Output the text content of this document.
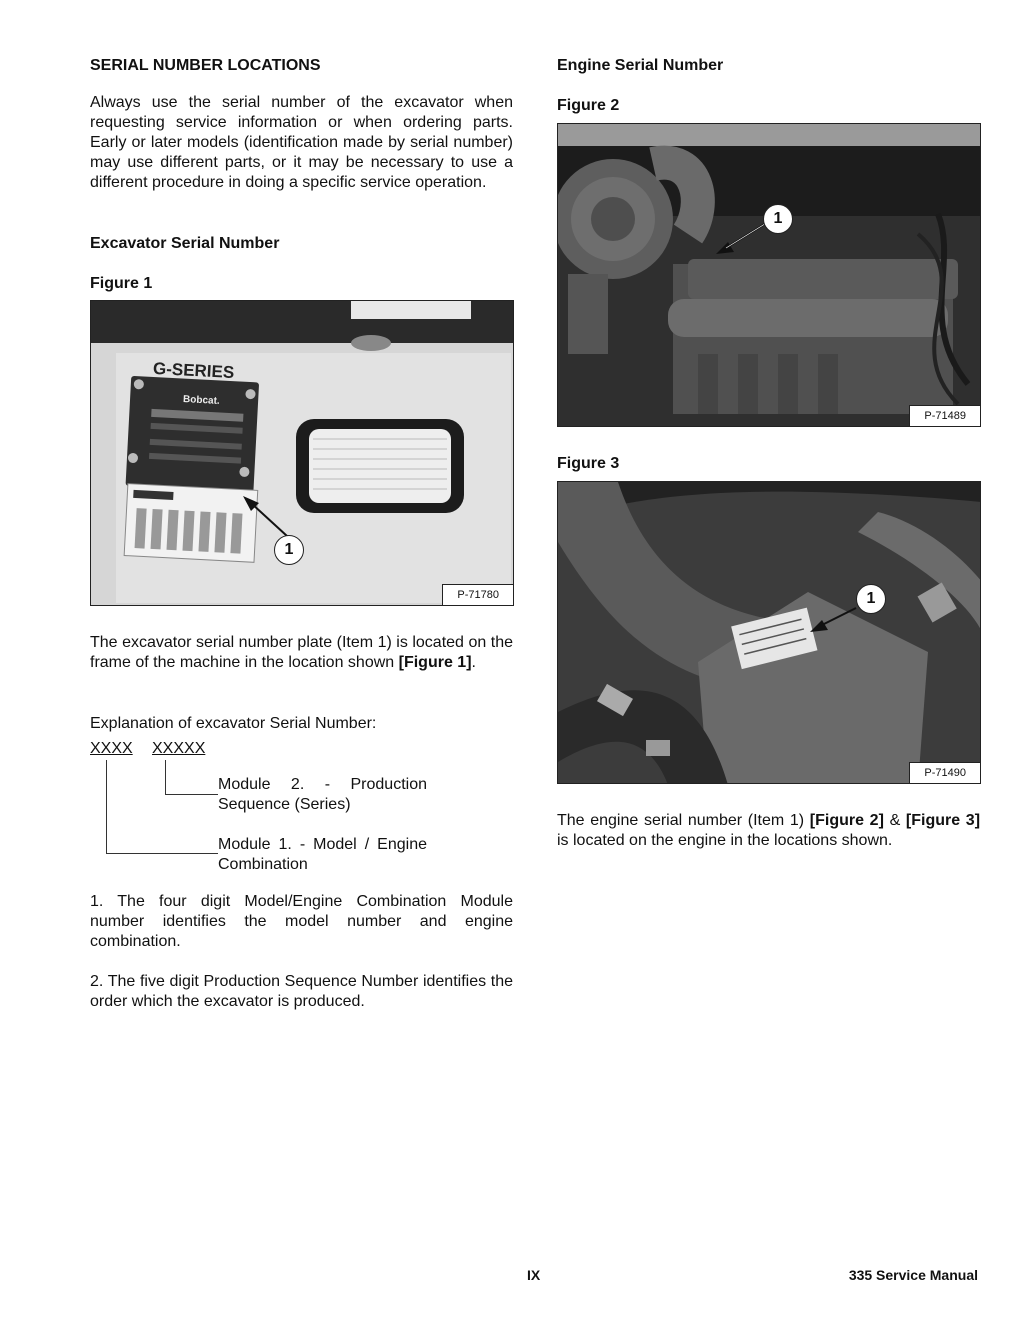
SERIAL NUMBER LOCATIONS

Always use the serial number of the excavator when requesting service information or when ordering parts. Early or later models (identification made by serial number) may use different parts, or it may be necessary to use a different procedure in doing a specific service operation.

Excavator Serial Number
Figure 1
G-SERIES
Bobcat.
1
P-71780

The excavator serial number plate (Item 1) is located on the frame of the machine in the location shown [Figure 1].

Explanation of excavator Serial Number:
XXXX XXXXX
Module 2. - Production
Sequence (Series)
Module 1. - Model / Engine
Combination

1. The four digit Model/Engine Combination Module number identifies the model number and engine combination.

2. The five digit Production Sequence Number identifies the order which the excavator is produced.

Engine Serial Number
Figure 2
1
P-71489
Figure 3
1
P-71490

The engine serial number (Item 1) [Figure 2] & [Figure 3] is located on the engine in the locations shown.

IX	335 Service Manual
